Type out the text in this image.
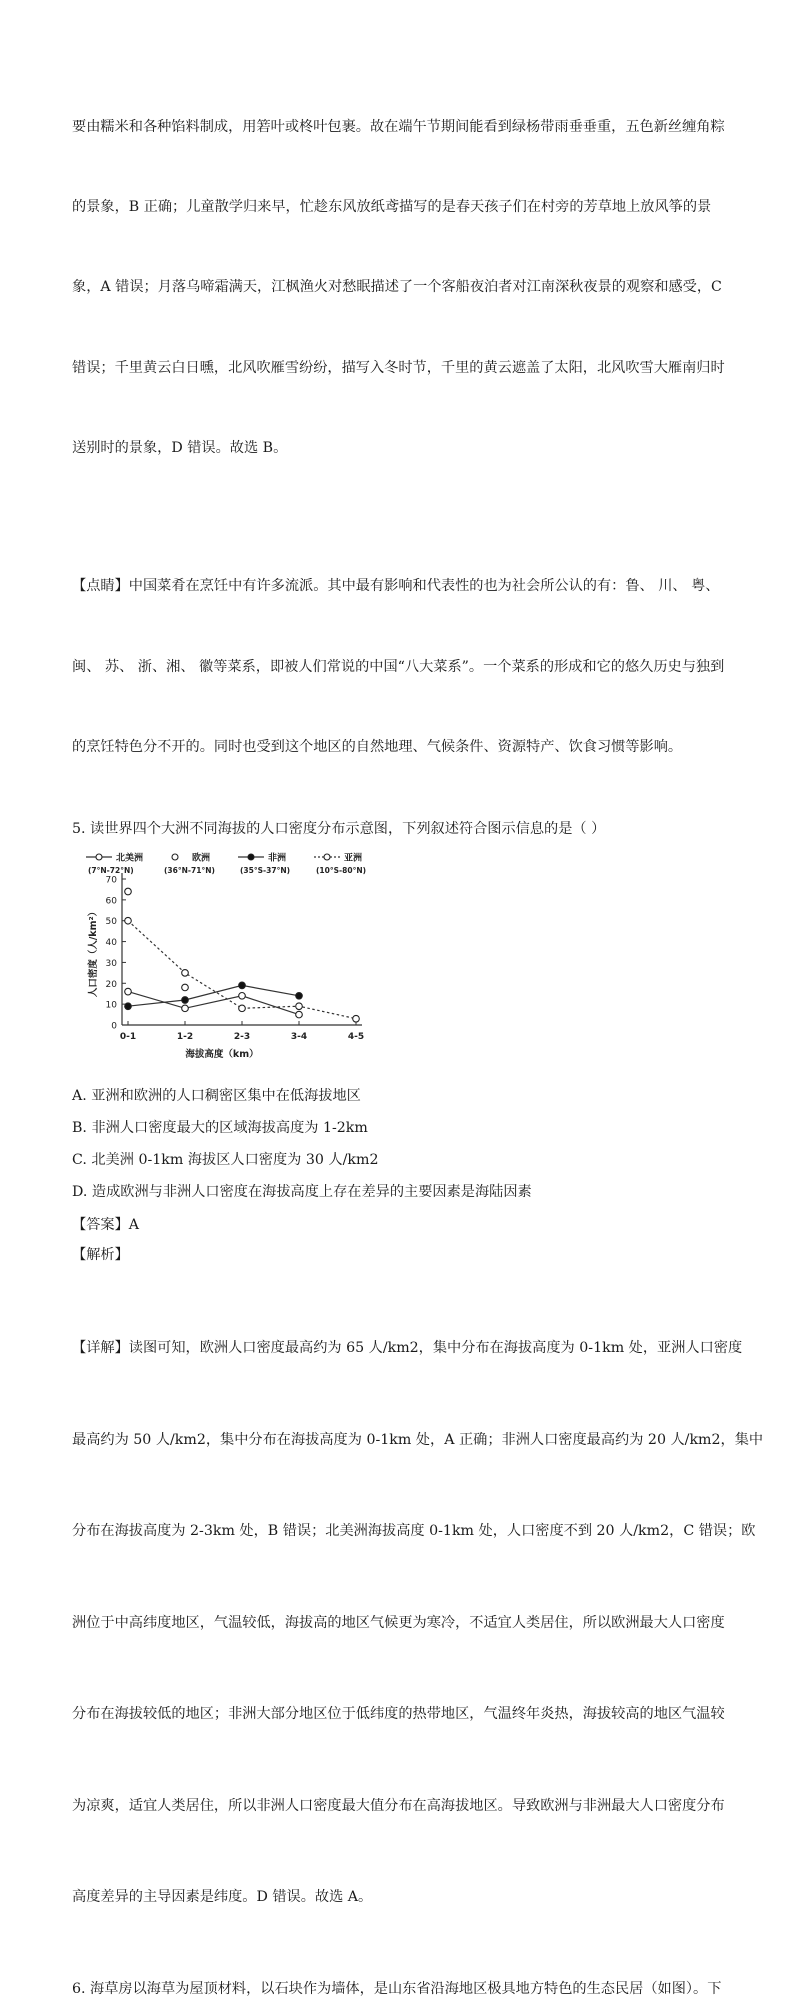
要由糯米和各种馅料制成，用箬叶或柊叶包裹。故在端午节期间能看到绿杨带雨垂垂重，五色新丝缠角粽

的景象，B 正确；儿童散学归来早，忙趁东风放纸鸢描写的是春天孩子们在村旁的芳草地上放风筝的景

象，A 错误；月落乌啼霜满天，江枫渔火对愁眠描述了一个客船夜泊者对江南深秋夜景的观察和感受，C

错误；千里黄云白日曛，北风吹雁雪纷纷，描写入冬时节，千里的黄云遮盖了太阳，北风吹雪大雁南归时

送别时的景象，D 错误。故选 B。

【点睛】中国菜肴在烹饪中有许多流派。其中最有影响和代表性的也为社会所公认的有：鲁、 川、 粤、

闽、 苏、 浙、湘、 徽等菜系，即被人们常说的中国“八大菜系”。一个菜系的形成和它的悠久历史与独到

的烹饪特色分不开的。同时也受到这个地区的自然地理、气候条件、资源特产、饮食习惯等影响。

5. 读世界四个大洲不同海拔的人口密度分布示意图，下列叙述符合图示信息的是（ ）
0
10
20
30
40
50
60
70
0-1	1-2	2-3	3-4	4-5
海拔高度（km）
人口密度（人/km²）
北美洲
(7°N-72°N)
欧洲
(36°N-71°N)
非洲
(35°S-37°N)
亚洲
(10°S-80°N)
A. 亚洲和欧洲的人口稠密区集中在低海拔地区
B. 非洲人口密度最大的区域海拔高度为 1-2km
C. 北美洲 0-1km 海拔区人口密度为 30 人/km2
D. 造成欧洲与非洲人口密度在海拔高度上存在差异的主要因素是海陆因素
【答案】A
【解析】

【详解】读图可知，欧洲人口密度最高约为 65 人/km2，集中分布在海拔高度为 0-1km 处，亚洲人口密度

最高约为 50 人/km2，集中分布在海拔高度为 0-1km 处，A 正确；非洲人口密度最高约为 20 人/km2，集中

分布在海拔高度为 2-3km 处，B 错误；北美洲海拔高度 0-1km 处，人口密度不到 20 人/km2，C 错误；欧

洲位于中高纬度地区，气温较低，海拔高的地区气候更为寒冷，不适宜人类居住，所以欧洲最大人口密度

分布在海拔较低的地区；非洲大部分地区位于低纬度的热带地区，气温终年炎热，海拔较高的地区气温较

为凉爽，适宜人类居住，所以非洲人口密度最大值分布在高海拔地区。导致欧洲与非洲最大人口密度分布

高度差异的主导因素是纬度。D 错误。故选 A。

6. 海草房以海草为屋顶材料，以石块作为墙体，是山东省沿海地区极具地方特色的生态民居（如图）。下
